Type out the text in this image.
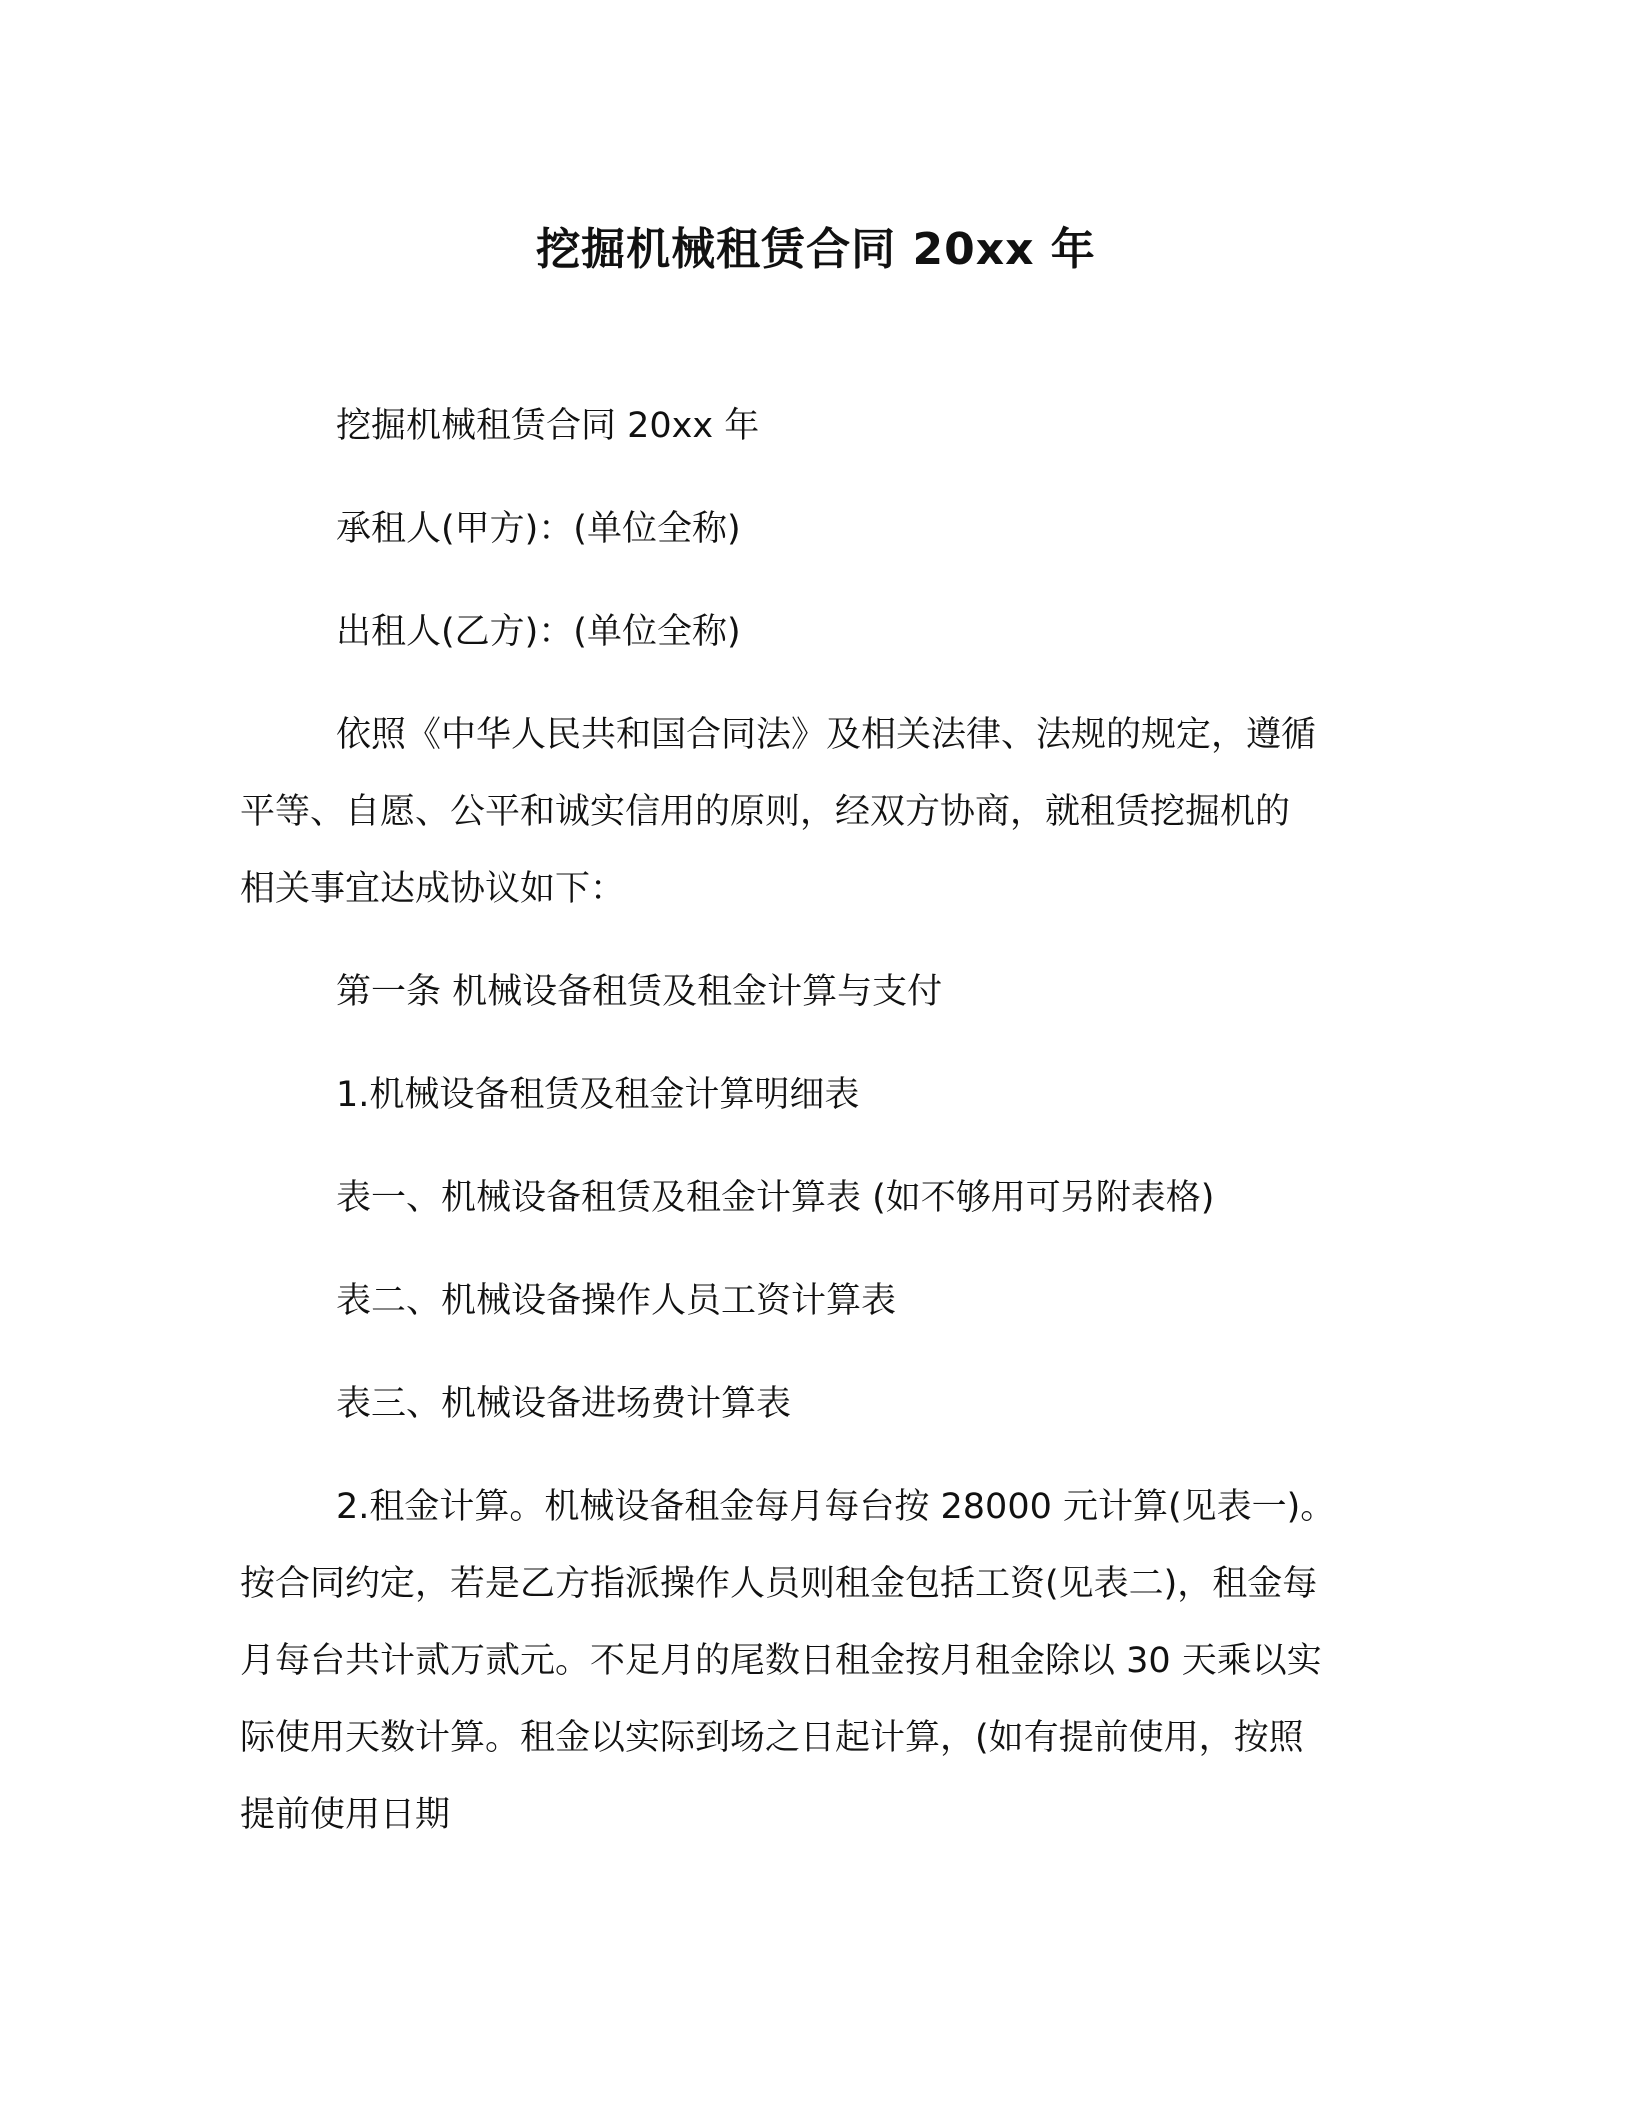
挖掘机械租赁合同 20xx 年
挖掘机械租赁合同 20xx 年
承租人(甲方)：(单位全称)
出租人(乙方)：(单位全称)
依照《中华人民共和国合同法》及相关法律、法规的规定，遵循
平等、自愿、公平和诚实信用的原则，经双方协商，就租赁挖掘机的
相关事宜达成协议如下：
第一条 机械设备租赁及租金计算与支付
1.机械设备租赁及租金计算明细表
表一、机械设备租赁及租金计算表 (如不够用可另附表格)
表二、机械设备操作人员工资计算表
表三、机械设备进场费计算表
2.租金计算。机械设备租金每月每台按 28000 元计算(见表一)。
按合同约定，若是乙方指派操作人员则租金包括工资(见表二)，租金每
月每台共计贰万贰元。不足月的尾数日租金按月租金除以 30 天乘以实
际使用天数计算。租金以实际到场之日起计算，(如有提前使用，按照
提前使用日期
